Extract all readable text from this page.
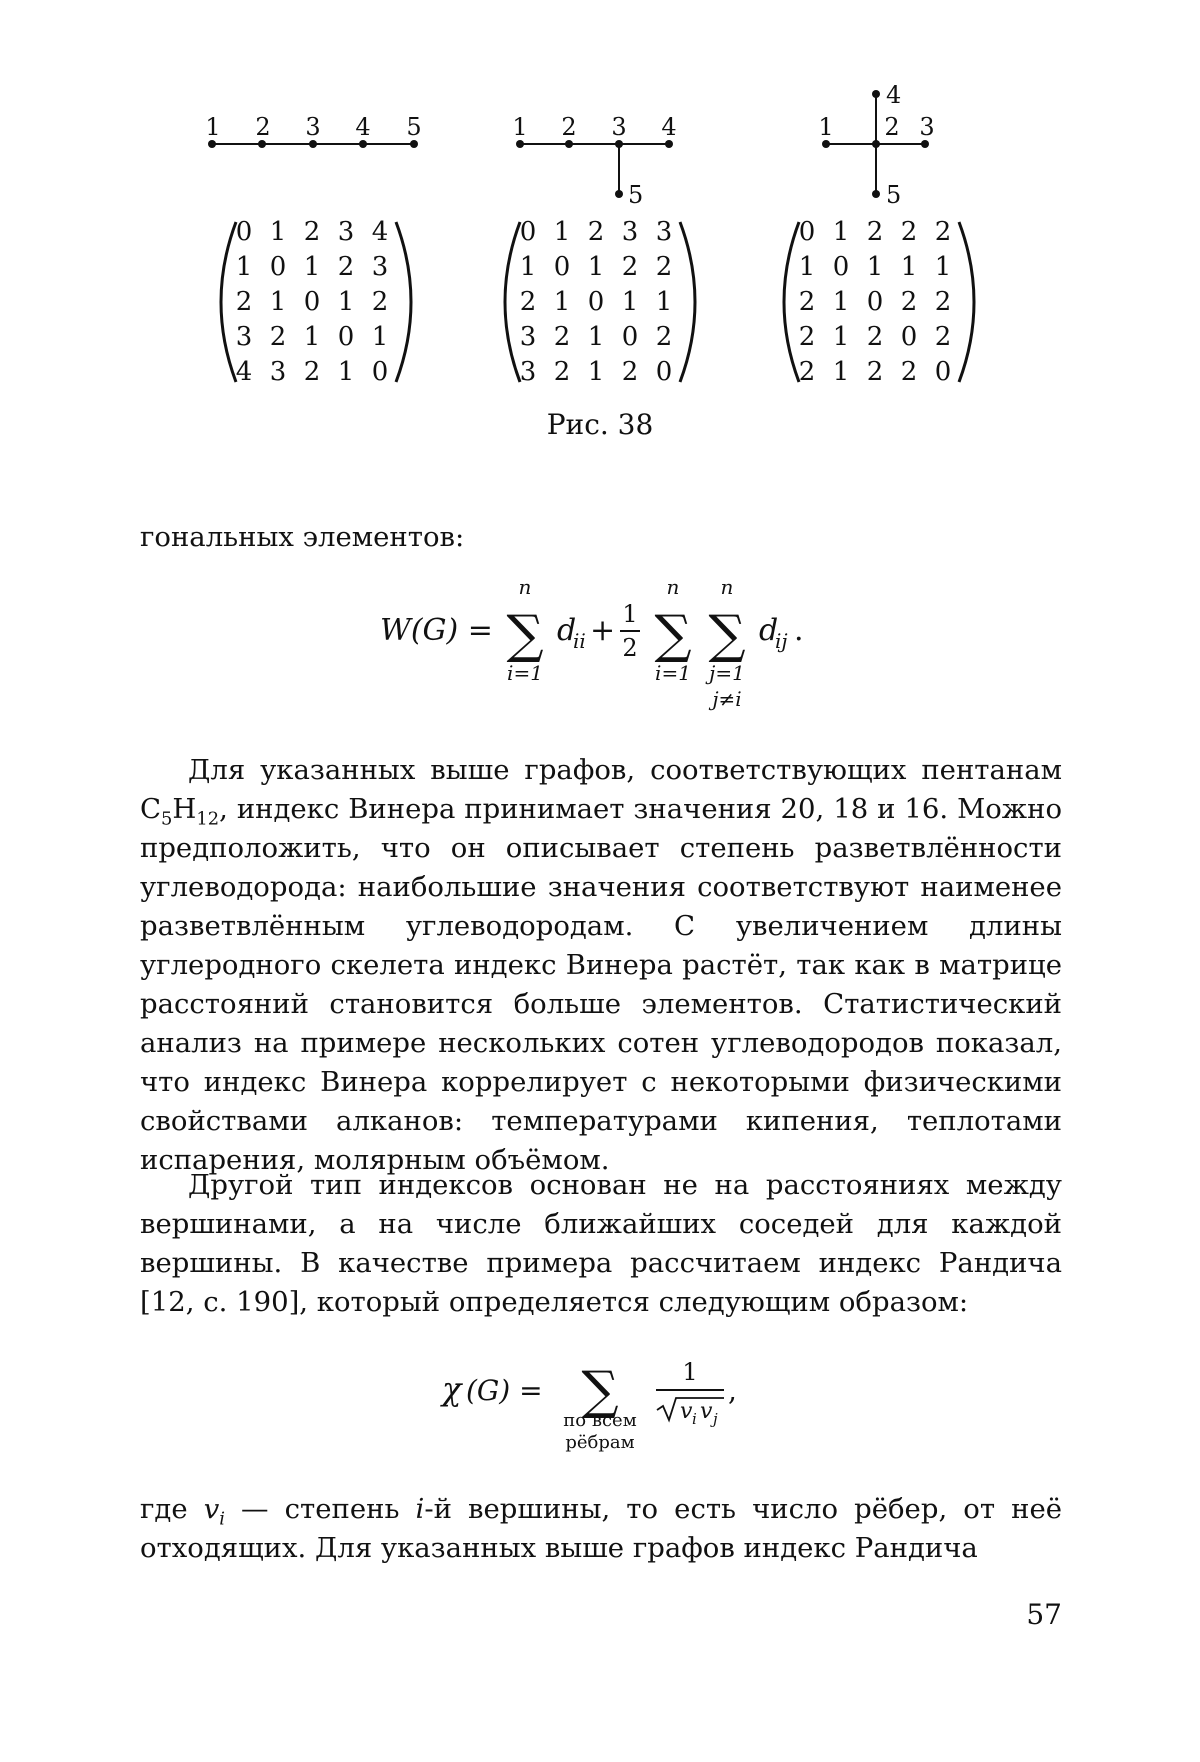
1 2 3 4 5	1 2 3 4
5
1 2 3
4
5
0 1 2 3 4
1 0 1 2 3
2 1 0 1 2
3 2 1 0 1
4 3 2 1 0
0 1 2 3 3
1 0 1 2 2
2 1 0 1 1
3 2 1 0 2
3 2 1 2 0
0 1 2 2 2
1 0 1 1 1
2 1 0 2 2
2 1 2 0 2
2 1 2 2 0
Рис. 38
гональных элементов:
W(G) =
n
∑
i=1
d
ii + 1
2
n
∑
i=1
n
∑
j=1
j≠i
d
ij .

Для указанных выше графов, соответствующих пентанам $C_5H_{12}$, индекс Винера принимает значения 20, 18 и 16. Можно предположить, что он описывает степень разветвлённости углеводорода: наибольшие значения соответствуют наименее разветвлённым углеводородам. С увеличением длины углеродного скелета индекс Винера растёт, так как в матрице расстояний становится больше элементов. Статистический анализ на примере нескольких сотен углеводородов показал, что индекс Винера коррелирует с некоторыми физическими свойствами алканов: температурами кипения, теплотами испарения, молярным объёмом.

Другой тип индексов основан не на расстояниях между вершинами, а на числе ближайших соседей для каждой вершины. В качестве примера рассчитаем индекс Рандича [12, с. 190], который определяется следующим образом:

χ (G) = ∑
по всем
рёбрам
1
v i v j
,

где $v_i$ — степень i-й вершины, то есть число рёбер, от неё отходящих. Для указанных выше графов индекс Рандича

57
